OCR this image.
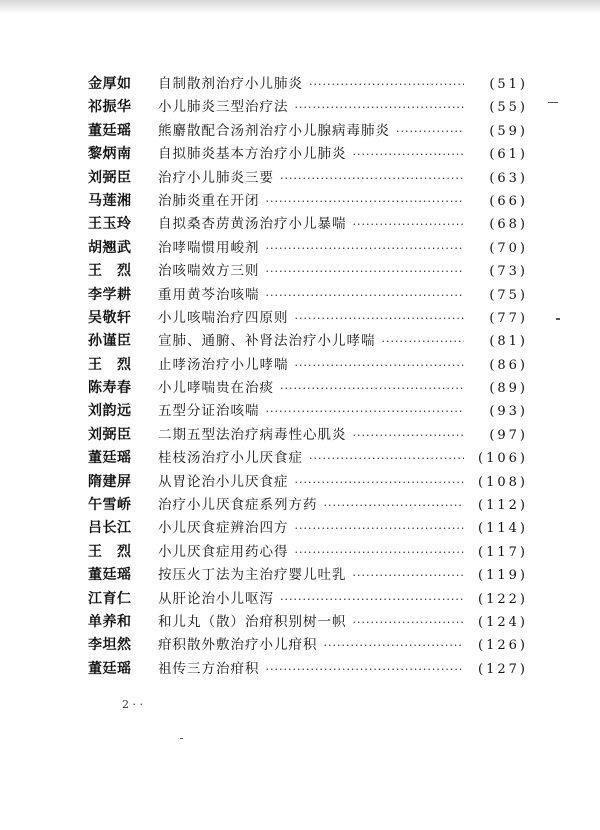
金厚如	自制散剂治疗小儿肺炎 ·····	(51)
祁振华	小儿肺炎三型治疗法 ·····	(55)
董廷瑶	熊麝散配合汤剂治疗小儿腺病毒肺炎 ·····	(59)
黎炳南	自拟肺炎基本方治疗小儿肺炎 ·····	(61)
刘弼臣	治疗小儿肺炎三要 ·····	(63)
马莲湘	治肺炎重在开闭 ·····	(66)
王玉玲	自拟桑杏苈黄汤治疗小儿暴喘 ·····	(68)
胡翘武	治哮喘惯用峻剂 ·····	(70)
王　烈	治咳喘效方三则 ·····	(73)
李学耕	重用黄芩治咳喘 ·····	(75)
吴敬轩	小儿咳喘治疗四原则 ·····	(77)
孙谨臣	宣肺、通腑、补肾法治疗小儿哮喘 ·····	(81)
王　烈	止哮汤治疗小儿哮喘 ·····	(86)
陈寿春	小儿哮喘贵在治痰 ·····	(89)
刘韵远	五型分证治咳喘 ·····	(93)
刘弼臣	二期五型法治疗病毒性心肌炎 ·····	(97)
董廷瑶	桂枝汤治疗小儿厌食症 ·····	(106)
隋建屏	从胃论治小儿厌食症 ·····	(108)
午雪峤	治疗小儿厌食症系列方药 ·····	(112)
吕长江	小儿厌食症辨治四方 ·····	(114)
王　烈	小儿厌食症用药心得 ·····	(117)
董廷瑶	按压火丁法为主治疗婴儿吐乳 ·····	(119)
江育仁	从肝论治小儿呕泻 ·····	(122)
单养和	和儿丸（散）治疳积别树一帜 ·····	(124)
李坦然	疳积散外敷治疗小儿疳积 ·····	(126)
董廷瑶	祖传三方治疳积 ·····	(127)
2 · ·
